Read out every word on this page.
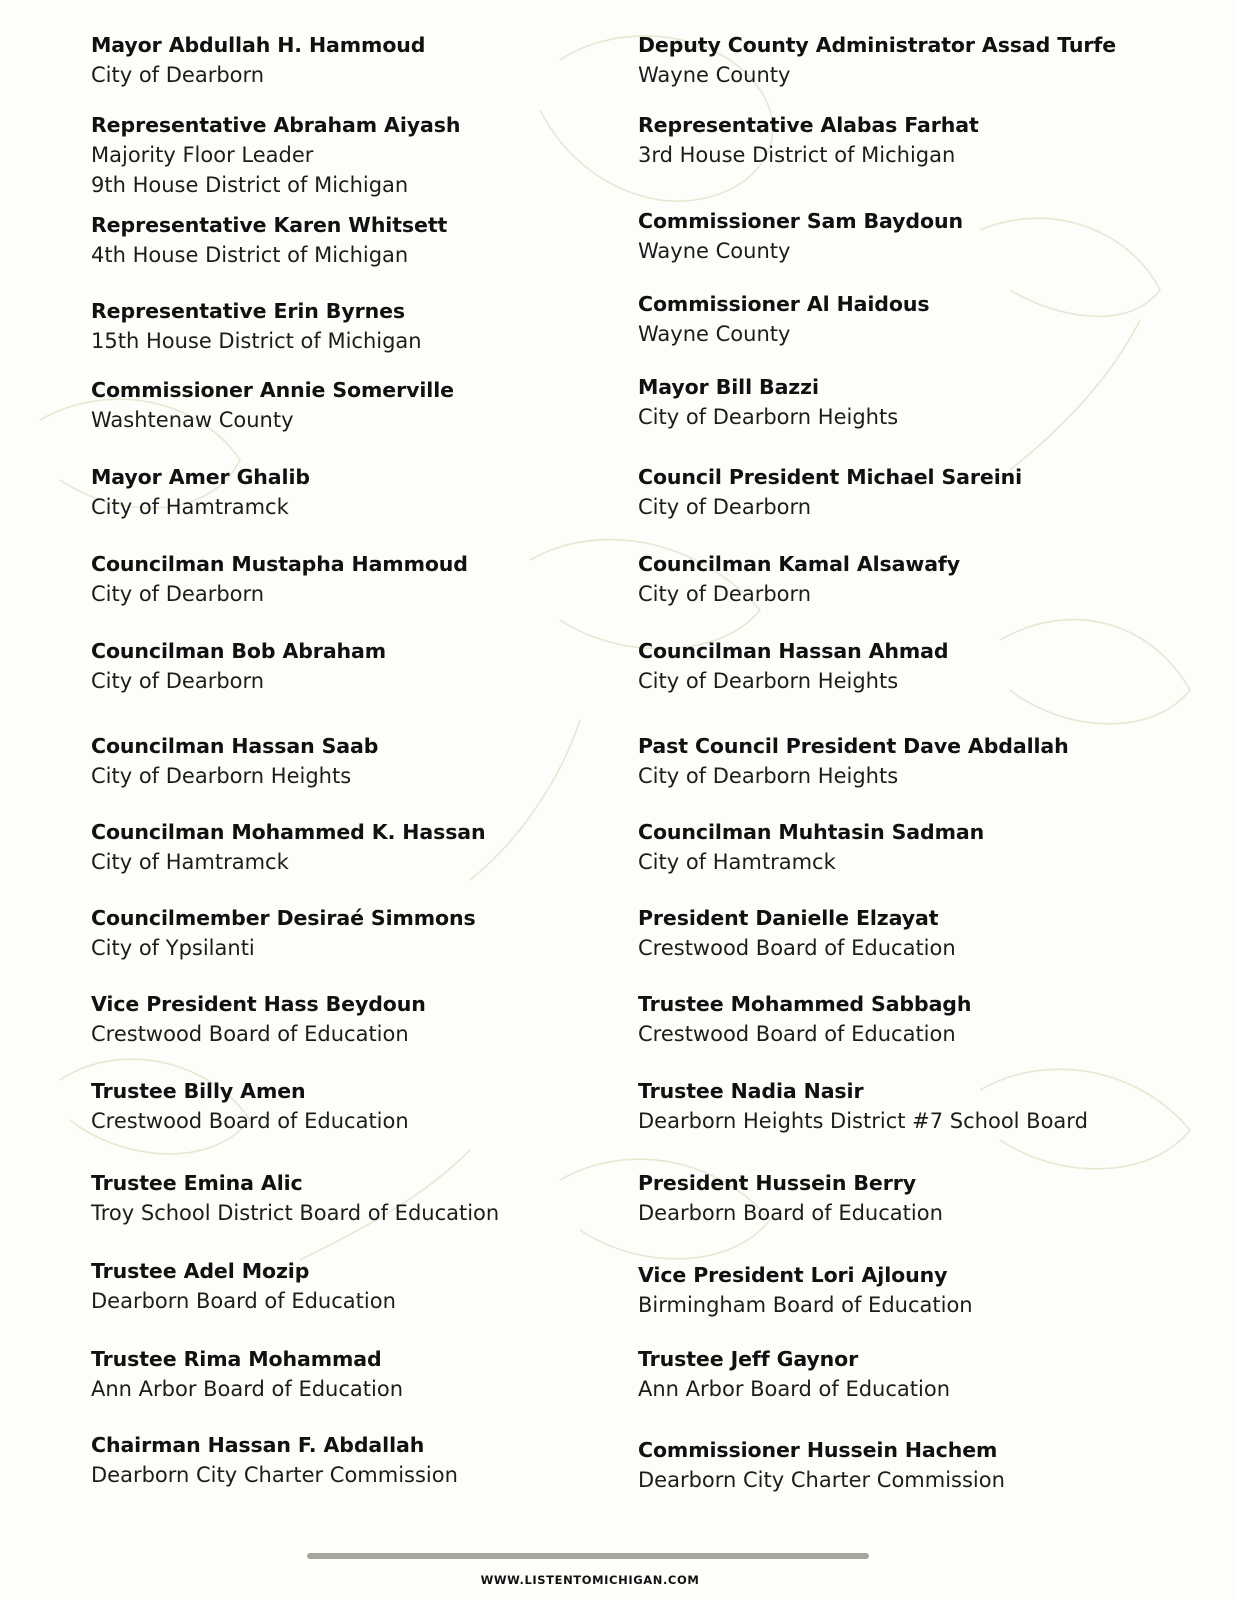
Mayor Abdullah H. Hammoud
City of Dearborn
Representative Abraham Aiyash
Majority Floor Leader
9th House District of Michigan
Representative Karen Whitsett
4th House District of Michigan
Representative Erin Byrnes
15th House District of Michigan
Commissioner Annie Somerville
Washtenaw County
Mayor Amer Ghalib
City of Hamtramck
Councilman Mustapha Hammoud
City of Dearborn
Councilman Bob Abraham
City of Dearborn
Councilman Hassan Saab
City of Dearborn Heights
Councilman Mohammed K. Hassan
City of Hamtramck
Councilmember Desiraé Simmons
City of Ypsilanti
Vice President Hass Beydoun
Crestwood Board of Education
Trustee Billy Amen
Crestwood Board of Education
Trustee Emina Alic
Troy School District Board of Education
Trustee Adel Mozip
Dearborn Board of Education
Trustee Rima Mohammad
Ann Arbor Board of Education
Chairman Hassan F. Abdallah
Dearborn City Charter Commission
Deputy County Administrator Assad Turfe
Wayne County
Representative Alabas Farhat
3rd House District of Michigan
Commissioner Sam Baydoun
Wayne County
Commissioner Al Haidous
Wayne County
Mayor Bill Bazzi
City of Dearborn Heights
Council President Michael Sareini
City of Dearborn
Councilman Kamal Alsawafy
City of Dearborn
Councilman Hassan Ahmad
City of Dearborn Heights
Past Council President Dave Abdallah
City of Dearborn Heights
Councilman Muhtasin Sadman
City of Hamtramck
President Danielle Elzayat
Crestwood Board of Education
Trustee Mohammed Sabbagh
Crestwood Board of Education
Trustee Nadia Nasir
Dearborn Heights District #7 School Board
President Hussein Berry
Dearborn Board of Education
Vice President Lori Ajlouny
Birmingham Board of Education
Trustee Jeff Gaynor
Ann Arbor Board of Education
Commissioner Hussein Hachem
Dearborn City Charter Commission
WWW.LISTENTOMICHIGAN.COM
